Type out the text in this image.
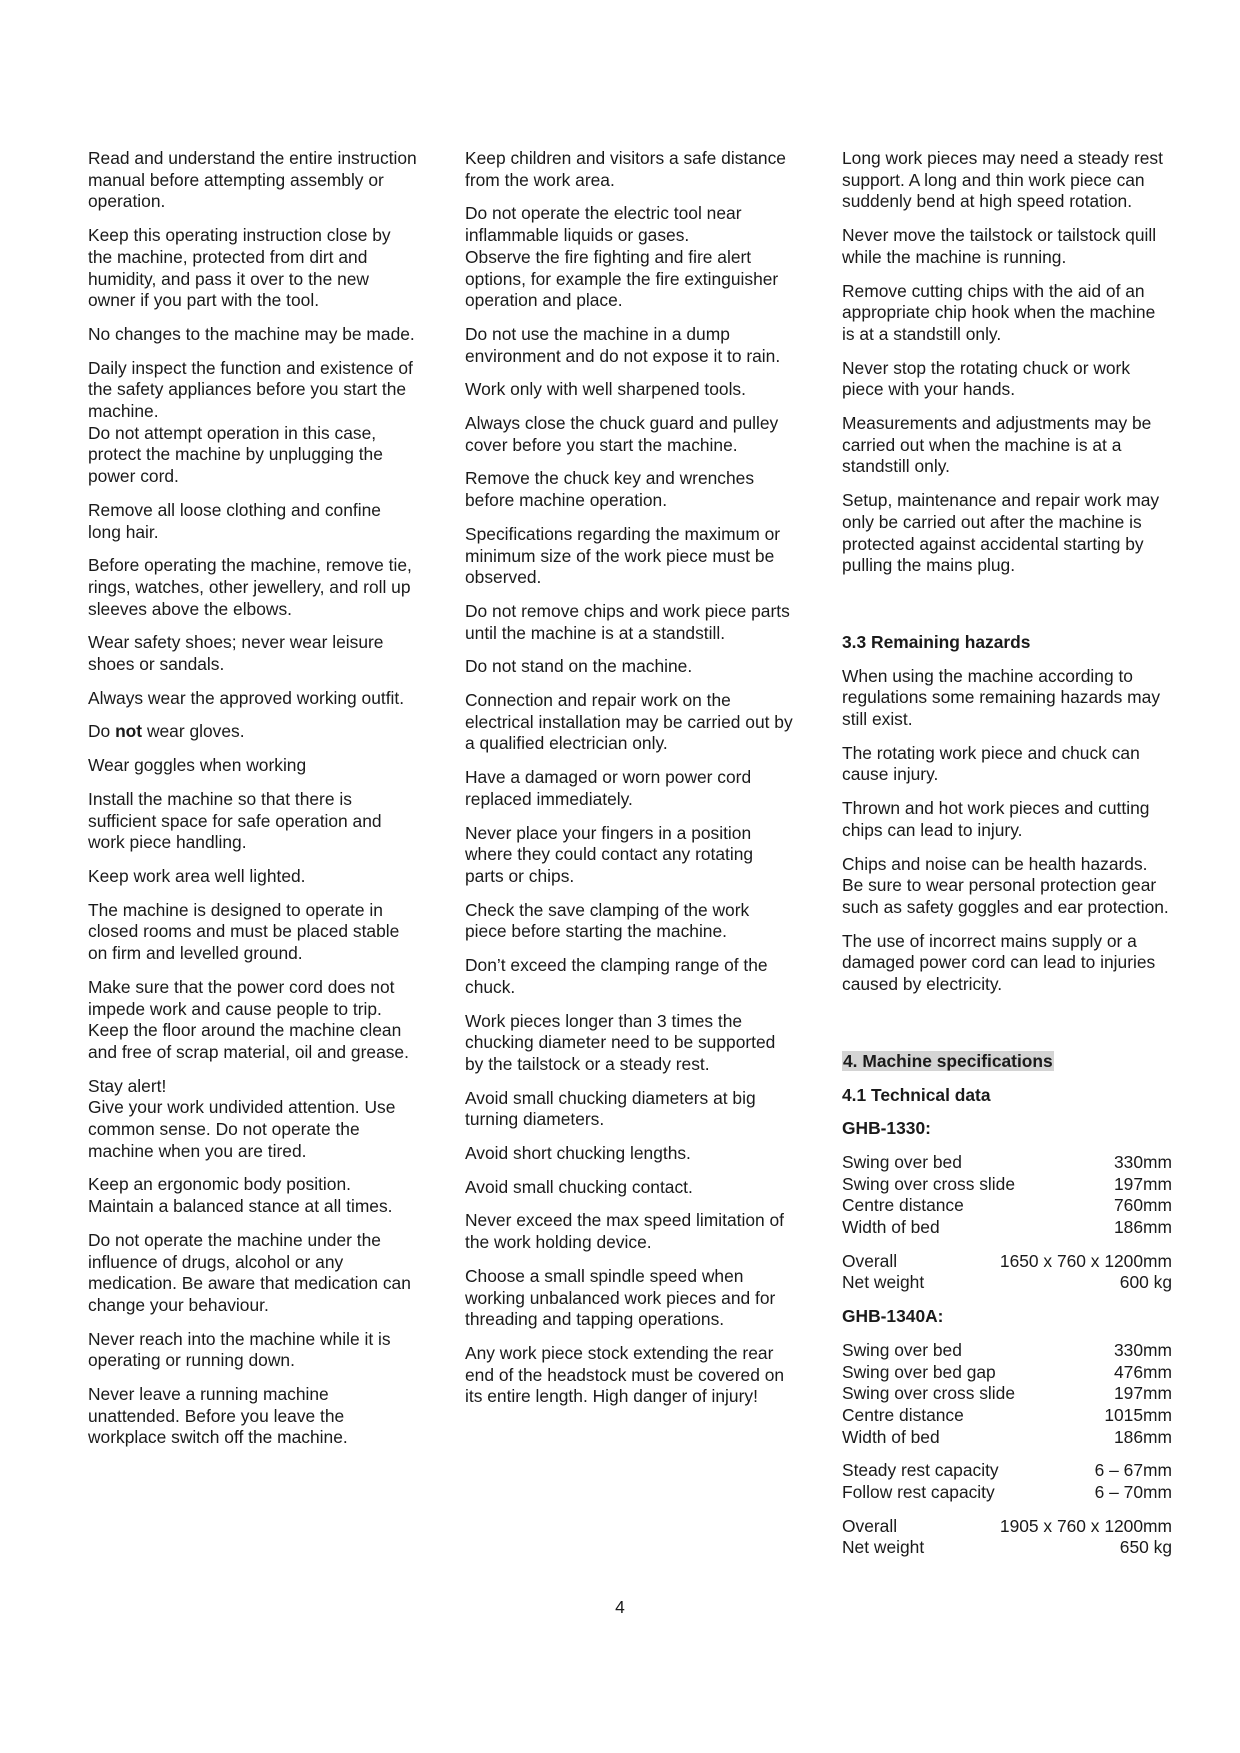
Read and understand the entire instruction manual before attempting assembly or operation.

Keep this operating instruction close by the machine, protected from dirt and humidity, and pass it over to the new owner if you part with the tool.

No changes to the machine may be made.

Daily inspect the function and existence of the safety appliances before you start the machine.
Do not attempt operation in this case, protect the machine by unplugging the power cord.

Remove all loose clothing and confine long hair.

Before operating the machine, remove tie, rings, watches, other jewellery, and roll up sleeves above the elbows.

Wear safety shoes; never wear leisure shoes or sandals.

Always wear the approved working outfit.

Do not wear gloves.

Wear goggles when working

Install the machine so that there is sufficient space for safe operation and work piece handling.

Keep work area well lighted.

The machine is designed to operate in closed rooms and must be placed stable on firm and levelled ground.

Make sure that the power cord does not impede work and cause people to trip.
Keep the floor around the machine clean and free of scrap material, oil and grease.

Stay alert!
Give your work undivided attention. Use common sense. Do not operate the machine when you are tired.

Keep an ergonomic body position. Maintain a balanced stance at all times.

Do not operate the machine under the influence of drugs, alcohol or any medication. Be aware that medication can change your behaviour.

Never reach into the machine while it is operating or running down.

Never leave a running machine unattended. Before you leave the workplace switch off the machine.

Keep children and visitors a safe distance from the work area.

Do not operate the electric tool near inflammable liquids or gases.
Observe the fire fighting and fire alert options, for example the fire extinguisher operation and place.

Do not use the machine in a dump environment and do not expose it to rain.

Work only with well sharpened tools.

Always close the chuck guard and pulley cover before you start the machine.

Remove the chuck key and wrenches before machine operation.

Specifications regarding the maximum or minimum size of the work piece must be observed.

Do not remove chips and work piece parts until the machine is at a standstill.

Do not stand on the machine.

Connection and repair work on the electrical installation may be carried out by a qualified electrician only.

Have a damaged or worn power cord replaced immediately.

Never place your fingers in a position where they could contact any rotating parts or chips.

Check the save clamping of the work piece before starting the machine.

Don’t exceed the clamping range of the chuck.

Work pieces longer than 3 times the chucking diameter need to be supported by the tailstock or a steady rest.

Avoid small chucking diameters at big turning diameters.

Avoid short chucking lengths.

Avoid small chucking contact.

Never exceed the max speed limitation of the work holding device.

Choose a small spindle speed when working unbalanced work pieces and for threading and tapping operations.

Any work piece stock extending the rear end of the headstock must be covered on its entire length. High danger of injury!

Long work pieces may need a steady rest support. A long and thin work piece can suddenly bend at high speed rotation.

Never move the tailstock or tailstock quill while the machine is running.

Remove cutting chips with the aid of an appropriate chip hook when the machine is at a standstill only.

Never stop the rotating chuck or work piece with your hands.

Measurements and adjustments may be carried out when the machine is at a standstill only.

Setup, maintenance and repair work may only be carried out after the machine is protected against accidental starting by pulling the mains plug.

3.3 Remaining hazards

When using the machine according to regulations some remaining hazards may still exist.

The rotating work piece and chuck can cause injury.

Thrown and hot work pieces and cutting chips can lead to injury.

Chips and noise can be health hazards. Be sure to wear personal protection gear such as safety goggles and ear protection.

The use of incorrect mains supply or a damaged power cord can lead to injuries caused by electricity.

4. Machine specifications

4.1 Technical data

GHB-1330:

Swing over bed	330mm
Swing over cross slide	197mm
Centre distance	760mm
Width of bed	186mm
Overall	1650 x 760 x 1200mm
Net weight	600 kg

GHB-1340A:

Swing over bed	330mm
Swing over bed gap	476mm
Swing over cross slide	197mm
Centre distance	1015mm
Width of bed	186mm
Steady rest capacity	6 – 67mm
Follow rest capacity	6 – 70mm
Overall	1905 x 760 x 1200mm
Net weight	650 kg
4
